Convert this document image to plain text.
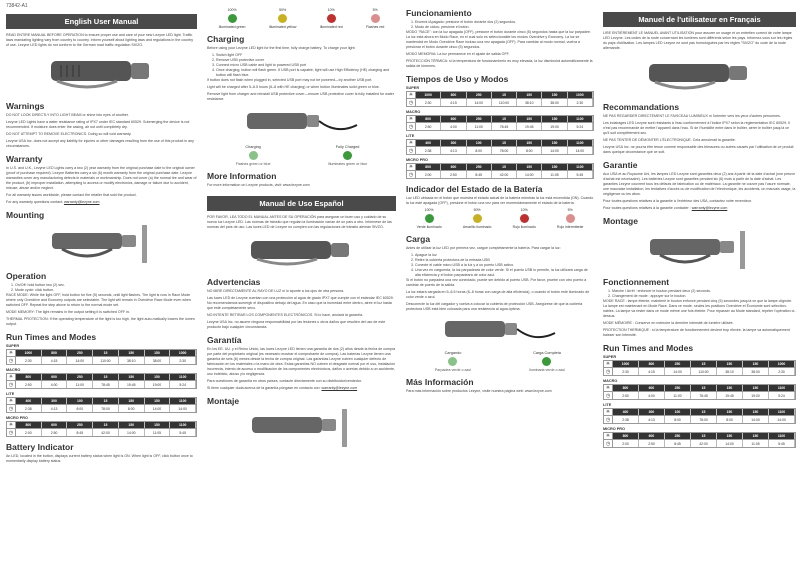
73842-A1
English User Manual
READ ENTIRE MANUAL BEFORE OPERATION to ensure proper use and care of your new Lezyne LED light. Traffic laws mandating lighting vary from country to country. Inform yourself about lighting laws and regulations in the country of use. Lezyne LED lights do not conform to the German road traffic regulation StVZO.
Warnings
DO NOT LOOK DIRECTLY INTO LIGHT BEAM or shine into eyes of another.
Lezyne LED Lights have a water resistance rating of IPX7 under IEC standard 60529. Submerging the device is not recommended. If moisture does enter the casing, air out until completely dry.
DO NOT ATTEMPT TO REMOVE ELECTRONICS. Doing so will void warranty.
Lezyne USA Inc. does not accept any liability for injuries or other damages resulting from the use of this product in any circumstances.
Warranty
In U.S. and U.K., Lezyne LED Lights carry a two (2) year warranty from the original purchase date to the original owner (proof of purchase required). Lezyne Batteries carry a six (6) month warranty from the original purchase date. Lezyne warranties cover any manufacturing defects in materials or workmanship. Does not cover (a) the normal tire and wear of the product, (b) improper installation, attempting to access or modify electronics, damage or failure due to accident, misuse, abuse and/or neglect.
For all warranty issues worldwide, please contact the retailer that sold the product.
For any warranty questions contact: warranty@lezyne.com
Mounting
Operation
1. On/Off: hold button two (2) sec.
2. Mode cycle: click button.
RACE MODE: While the light OFF, hold button for five (5) seconds, until light flashes. The light is now in Race Mode where only Overdrive and Economy outputs are selectable. The light will remain in Overdrive Race Mode even when switched OFF. Repeat the step above to return to the normal mode set.
MODE MEMORY: The light remains in the output setting it is switched OFF in.
THERMAL PROTECTION: If the operating temperature of the light is too high, the light auto-matically lowers the lumen output.
Run Times and Modes
SUPER
☀	1000	800	250	15	150	150	1000
◷	2:30	4:15	14:00	110:00	38:10	38:00	2:30
MACRO
☀	800	600	250	15	150	150	1100
◷	2:50	4:00	11:00	78:45	19:45	19:00	5:24
LITE
☀	400	300	100	15	150	150	1100
◷	2:38	4:13	8:00	78:00	8:00	14:00	14:00
MICRO PRO
☀	800	600	250	15	150	150	1100
◷	2:00	2:50	8:45	42:00	14:00	11:05	5:45
Battery Indicator
An LED, located in the button, displays current battery status when light is ON. When light is OFF, click button once to momentarily display battery status.
100%
Illuminated green
50%
Illuminated yellow
10%
Illuminated red
5%
Flashes red
Charging
Before using your Lezyne LED light for the first time, fully charge battery. To charge your light:
1. Switch light OFF
2. Remove USB protective cover
3. Connect micro USB cable and light to powered USB port
4. Once charging, button will flash green. If USB port is capable, light will use High Efficiency (HE) charging and button will flash blue.
If button does not flash when plugged in, selected USB port may not be powered—try another USB port.
Light will be charged after 5–6.5 hours (6–8 with HE charging) or when button illuminates solid green or blue.
Remove light from charger and reinstall USB protective cover—ensure USB protective cover is fully installed for water resistance.
Charging
Flashes green or blue
Fully Charged
Illuminates green or blue
More Information
For more information on Lezyne products, visit: www.lezyne.com
Manual de Uso Español
POR FAVOR, LEA TODO EL MANUAL ANTES DE SU OPERACIÓN para asegurar un buen uso y cuidado de su nueva luz Lezyne LED. Las normas de tránsito que regulan la iluminación varían de un país a otro. Infórmese de las normas del país de uso. Las luces LED de Lezyne no cumplen con las regulaciones de tránsito alemán StVZO.
Advertencias
NO MIRE DIRECTAMENTE AL RAYO DE LUZ ni lo apunte a los ojos de otra persona.
Las luces LED de Lezyne cuentan con una protección al agua de grado IPX7 que cumple con el estándar IEC 60529. No recomendamos sumergir el dispositivo debajo del agua. En caso que la humedad entre dentro, airee el luz hasta que esté completamente seco.
NO INTENTE RETIRAR LOS COMPONENTES ELECTRÓNICOS. Si lo hace, anulará la garantía.
Lezyne USA Inc. no asume ninguna responsabilidad por las lesiones u otros daños que resulten del uso de este producto bajo cualquier circunstancia.
Garantía
En los EE. UU. y el Reino Unido, las luces Lezyne LED tienen una garantía de dos (2) años desde la fecha de compra por parte del propietario original (es necesario mostrar el comprobante de compra). Las baterías Lezyne tienen una garantía de seis (6) meses desde la fecha de compra original. Las garantías Lezyne cubren cualquier defecto de fabricación en los materiales o la mano de obra. Estas garantías NO cubren el desgaste normal por el uso, instalación incorrecta, intento de acceso o modificación de los componentes electrónicos, daños o averías debido a un accidente, uso indebido, abuso y/o negligencia.
Para cuestiones de garantía en otros países, contacte directamente con su distribuidor/vendedor.
Si tiene cualquier duda acerca de la garantía póngase en contacto con: warranty@lezyne.com
Montaje
Funcionamiento
1. Encend./Apagado: presione el botón durante dos (2) segundos.
2. Modo de ciclos: presione el botón.
MODO "RACE": con la luz apagada (OFF), presione el botón durante cinco (5) segundos hasta que la luz parpadee. La luz está ahora en Modo Race, en el cual solo es seleccionable los modos Overdrive y Economy. La luz se mantendrá en Modo Overdrive Race incluso una vez apagada (OFF). Para cambiar al modo normal, vuelva a presionar el botón durante cinco (5) segundos.
MODO MEMORIA: La luz permanece en el ajuste de salida OFF.
PROTECCIÓN TÉRMICA: si la temperatura de funcionamiento es muy elevada, la luz disminuirá automáticamente la salida de lúmenes.
Tiempos de Uso y Modos
SUPER
☀	1000	800	250	15	150	150	1000
◷	2:30	4:15	14:00	110:00	38:10	38:00	2:30
MACRO
☀	800	600	250	15	150	150	1100
◷	2:50	4:00	11:00	78:45	19:45	19:00	5:24
LITE
☀	400	300	100	15	150	150	1100
◷	2:38	4:13	8:00	78:00	8:00	14:00	14:00
MICRO PRO
☀	800	600	250	15	150	150	1100
◷	2:00	2:50	8:45	42:00	14:00	11:05	5:45
Indicador del Estado de la Batería
Luz LED ubicada en el botón que muestra el estado actual de la batería mientras la luz está encendida (ON). Cuando la luz esté apagada (OFF), presione el botón una vez para ver momentáneamente el estado de la batería.
100%
Verde iluminado
50%
Amarillo iluminado
10%
Rojo iluminado
5%
Rojo intermitente
Carga
Antes de utilizar la luz LED por primera vez, cargue completamente la batería. Para cargar la luz:
1. Apague la luz
2. Retire la cubierta protectora de la entrada USB
3. Conecte el cable micro USB a la luz y a un puerto USB activo.
4. Una vez en carguenta, la luz parpadeará de color verde. Si el puerto USB lo permite, la luz utilizará carga de alta eficiencia y el botón parpadeará de color azul.
Si el botón no parpadea una vez conectado, puede ser debido al puerto USB. Por favor, pruebe con otro puerto a cambiar de puerto de la salida.
La luz estará cargada en 5–6.5 horas (6–8 horas con carga de alta eficiencia), o cuando el botón esté iluminado de color verde o azul.
Desconecte la luz del cargador y vuelva a colocar la cubierta de protección USB. Asegúrese de que la cubierta protectora USB está bien colocada para una resistencia al agua óptima.
Cargando
Parpadea verde o azul
Carga Completa
Iluminada verde o azul
Más Información
Para más información sobre productos Lezyne, visite nuestra página web: www.lezyne.com
Manuel de l'utilisateur en Français
LIRE ENTIÈREMENT LE MANUEL AVANT UTILISATION pour assurer un usage et un entretien correct de votre lampe LED Lezyne. Les codes de la route concernant les lumières sont différents selon les pays. Informez-vous sur les règles du pays d'utilisation. Les lampes LED Lezyne ne sont pas homologuées par les règles "StVZO" du code de la route allemande.
Recommandations
NE PAS REGARDER DIRECTEMENT LE FAISCEAU LUMINEUX ni l'orienter vers les yeux d'autres personnes.
Les éclairages LED Lezyne sont résistants à l'eau conformément à l'indice IPX7 selon la réglementation IEC 60529. Il n'est pas recommandé de mettre l'appareil dans l'eau. Si de l'humidité entre dans le boîtier, aérer le boîtier jusqu'à ce qu'il soit complètement sec.
NE PAS TENTER DE DÉMONTER L'ÉLECTRONIQUE. Cela annulerait la garantie.
Lezyne USA Inc. ne pourra être tenue comme responsable des blessures ou autres causés par l'utilisation de ce produit dans quelque circonstance que ce soit.
Garantie
Aux USA et au Royaume Uni, les lampes LED Lezyne sont garanties deux (2) ans à partir de la date d'achat (une preuve d'achat est nécessaire). Les batteries Lezyne sont garanties pendant six (6) mois à partir de la date d'achat. Les garanties Lezyne couvrent tous les défauts de fabrication ou de matériaux. La garantie ne couvre pas l'usure normale, une mauvaise installation, les tentatives d'accès ou de modification de l'électronique, les accidents, un mauvais usage, la négligence ou les abus.
Pour toutes questions relatives à la garantie à l'extérieur des USA, contactez votre revendeur.
Pour toutes questions relatives à la garantie contacter : warranty@lezyne.com
Montage
Fonctionnement
1. Marche / Arrêt : enfoncer le bouton pendant deux (2) seconds.
2. Changement de mode : appuyer sur le bouton.
MODE RACE : lampe éteinte, maintenir le bouton enfoncé pendant cinq (5) secondes jusqu'à ce que la lampe clignote. La lampe est maintenant en Mode Race. Dans ce mode, seules les positions Overdrive et Économie sont sélection-nables. La lampe va rester dans ce mode même une fois éteinte. Pour repasser au Mode standard, répéter l'opération ci-dessus.
MODE MÉMOIRE : Conserve en mémoire la dernière intensité de lumière utilisée.
PROTECTION THERMIQUE : si la température de fonctionnement devient trop élevée, la lampe va automatiquement baisser son intensité.
Run Times and Modes
SUPER
☀	1000	800	250	15	150	150	1000
◷	2:30	4:15	14:00	110:00	38:10	38:00	2:30
MACRO
☀	800	600	250	15	150	150	1100
◷	2:50	4:00	11:00	78:45	19:45	19:00	5:24
LITE
☀	400	300	100	15	150	150	1100
◷	2:38	4:13	8:00	78:00	8:00	14:00	14:00
MICRO PRO
☀	800	600	250	15	150	150	1100
◷	2:00	2:50	8:45	42:00	14:00	11:05	5:45
